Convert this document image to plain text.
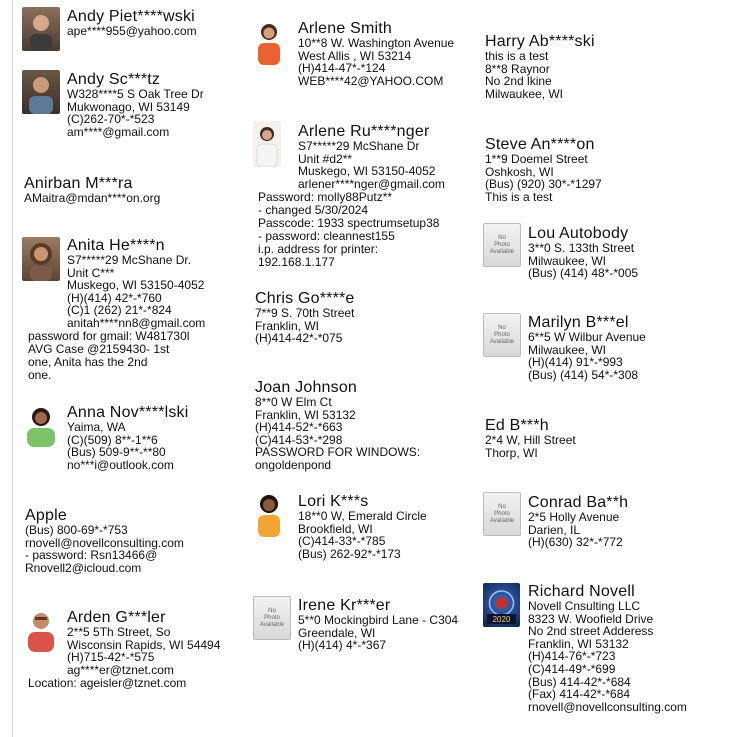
Andy Piet****wski
ape****955@yahoo.com
Andy Sc***tz
W328****5 S Oak Tree Dr
Mukwonago, WI 53149
(C)262-70*-*523
am****@gmail.com
Anirban M***ra
AMaitra@mdan****on.org
Anita He****n
S7*****29 McShane Dr.
Unit C***
Muskego, WI 53150-4052
(H)(414) 42*-*760
(C)1 (262) 21*-*824
anitah****nn8@gmail.com
password for gmail: W481730l
AVG Case @2159430- 1st
one, Anita has the 2nd
one.
Anna Nov****lski
Yaima, WA
(C)(509) 8**-1**6
(Bus) 509-9**-**80
no***i@outlook.com
Apple
(Bus) 800-69*-*753
rnovell@novellconsulting.com
- password: Rsn13466@
Rnovell2@icloud.com
Arden G***ler
2**5 5Th Street, So
Wisconsin Rapids, WI 54494
(H)715-42*-*575
ag****er@tznet.com
Location: ageisler@tznet.com
Arlene Smith
10**8 W. Washington Avenue
West Allis , WI 53214
(H)414-47*-*124
WEB****42@YAHOO.COM
Arlene Ru****nger
S7*****29 McShane Dr
Unit #d2**
Muskego, WI 53150-4052
arlener****nger@gmail.com
Password: molly88Putz**
- changed 5/30/2024
Passcode: 1933 spectrumsetup38
- password: cleannest155
i.p. address for printer:
192.168.1.177
Chris Go****e
7**9 S. 70th Street
Franklin, WI
(H)414-42*-*075
Joan Johnson
8**0 W Elm Ct
Franklin, WI 53132
(H)414-52*-*663
(C)414-53*-*298
PASSWORD FOR WINDOWS:
ongoldenpond
Lori K***s
18**0 W, Emerald Circle
Brookfield, WI
(C)414-33*-*785
(Bus) 262-92*-*173
No
Photo
Available
Irene Kr***er
5**0 Mockingbird Lane - C304
Greendale, WI
(H)(414) 4*-*367
Harry Ab****ski
this is a test
8**8 Raynor
No 2nd lkine
Milwaukee, WI
Steve An****on
1**9 Doemel Street
Oshkosh, WI
(Bus) (920) 30*-*1297
This is a test
No
Photo
Available
Lou Autobody
3**0 S. 133th Street
Milwaukee, WI
(Bus) (414) 48*-*005
No
Photo
Available
Marilyn B***el
6**5 W Wilbur Avenue
Milwaukee, WI
(H)(414) 91*-*993
(Bus) (414) 54*-*308
Ed B***h
2*4 W, Hill Street
Thorp, WI
No
Photo
Available
Conrad Ba**h
2*5 Holly Avenue
Darien, IL
(H)(630) 32*-*772
2020
Richard Novell
Novell Cnsulting LLC
8323 W. Woofield Drive
No 2nd street Adderess
Franklin, WI 53132
(H)414-76*-*723
(C)414-49*-*699
(Bus) 414-42*-*684
(Fax) 414-42*-*684
rnovell@novellconsulting.com
